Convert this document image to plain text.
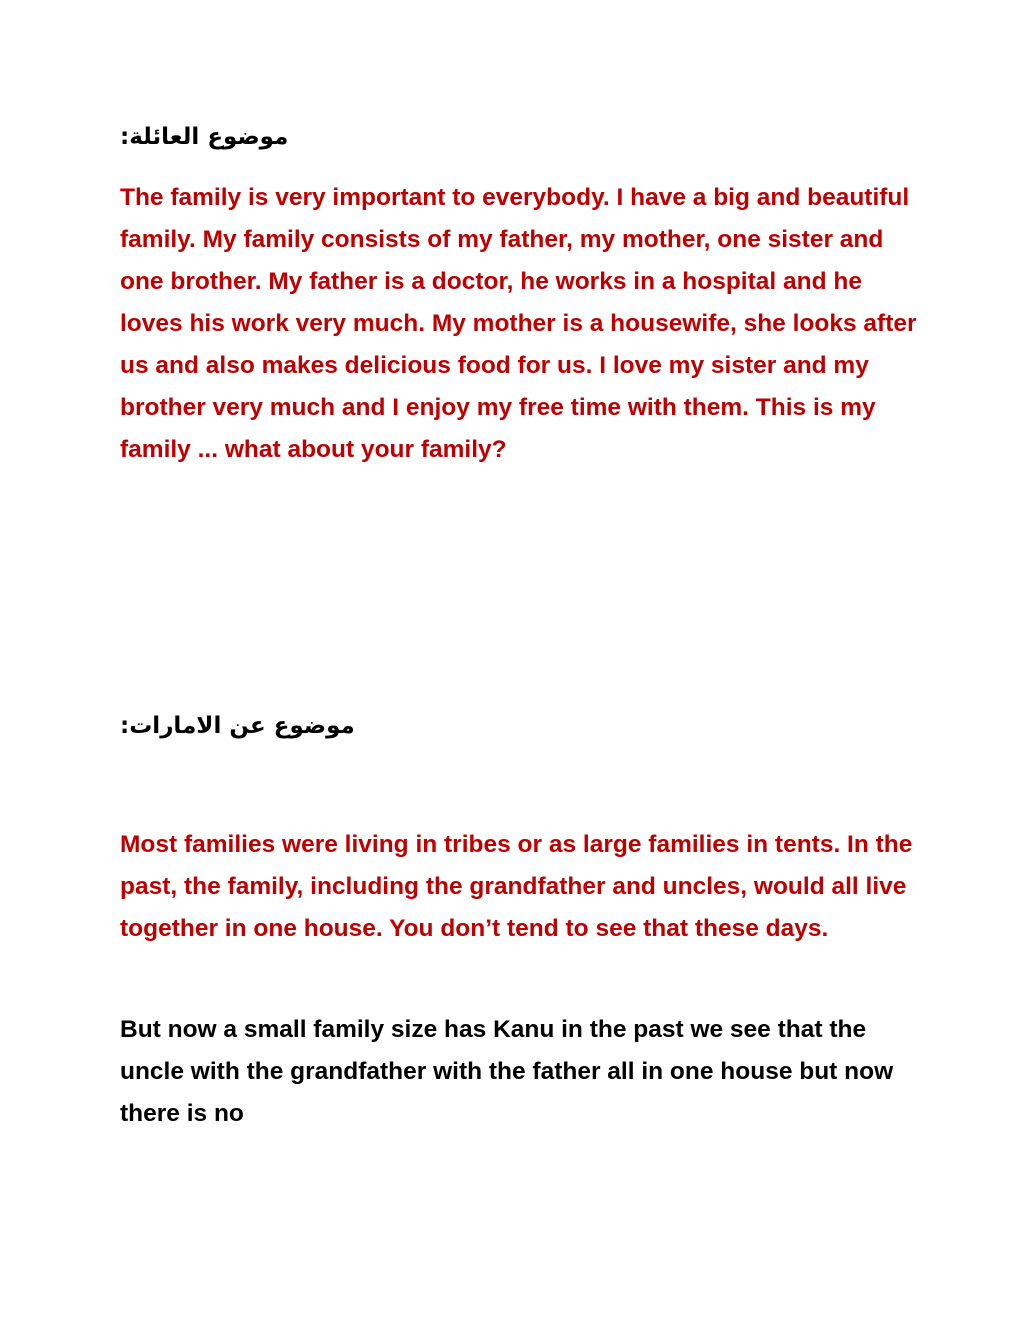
موضوع العائلة:

The family is very important to everybody. I have a big and beautiful family. My family consists of my father, my mother, one sister and one brother. My father is a doctor, he works in a hospital and he loves his work very much. My mother is a housewife, she looks after us and also makes delicious food for us. I love my sister and my brother very much and I enjoy my free time with them. This is my family ... what about your family?

موضوع عن الامارات:

Most families were living in tribes or as large families in tents. In the past, the family, including the grandfather and uncles, would all live together in one house. You don’t tend to see that these days.

But now a small family size has Kanu in the past we see that the uncle with the grandfather with the father all in one house but now there is no
